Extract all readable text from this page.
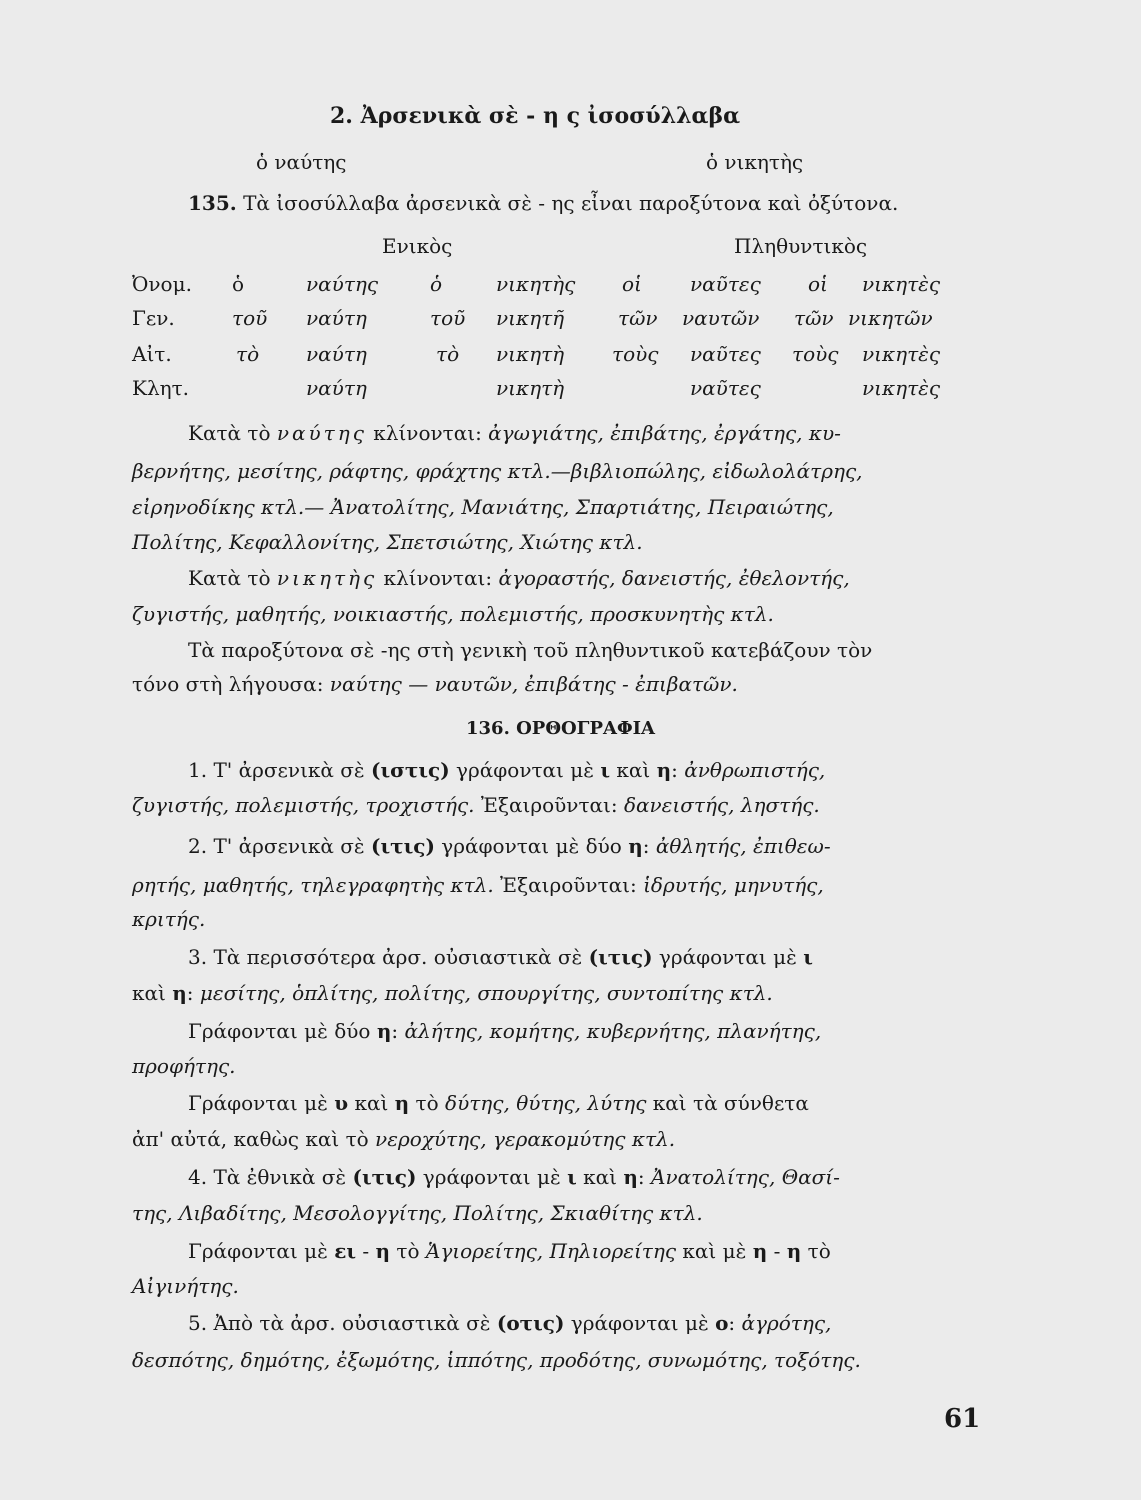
2. Ἀρσενικὰ σὲ - η ς ἰσοσύλλαβα
ὁ ναύτης	ὁ νικητὴς

135. Τὰ ἰσοσύλλαβα ἀρσενικὰ σὲ - ης εἶναι παροξύτονα καὶ ὀξύτονα.

Ενικὸς	Πληθυντικὸς
Ὀνομ. ὁ	ναύτης	ὁ	νικητὴς οἱ ναῦτες οἱ νικητὲς
Γεν.	τοῦ ναύτη	τοῦ νικητῆ	τῶν ναυτῶν τῶν νικητῶν
Αἰτ.	τὸ ναύτη	τὸ νικητὴ τοὺς ναῦτες τοὺς νικητὲς
Κλητ.	ναύτη	νικητὴ	ναῦτες	νικητὲς

Κατὰ τὸ ναύτης κλίνονται: ἀγωγιάτης, ἐπιβάτης, ἐργάτης, κυ-

βερνήτης, μεσίτης, ράφτης, φράχτης κτλ.—βιβλιοπώλης, εἰδωλολάτρης,

εἰρηνοδίκης κτλ.— Ἀνατολίτης, Μανιάτης, Σπαρτιάτης, Πειραιώτης,

Πολίτης, Κεφαλλονίτης, Σπετσιώτης, Χιώτης κτλ.

Κατὰ τὸ νικητὴς κλίνονται: ἀγοραστής, δανειστής, ἐθελοντής,

ζυγιστής, μαθητής, νοικιαστής, πολεμιστής, προσκυνητὴς κτλ.

Τὰ παροξύτονα σὲ -ης στὴ γενικὴ τοῦ πληθυντικοῦ κατεβάζουν τὸν

τόνο στὴ λήγουσα: ναύτης — ναυτῶν, ἐπιβάτης - ἐπιβατῶν.

136. ΟΡΘΟΓΡΑΦΙΑ

1. Τ' ἀρσενικὰ σὲ (ιστις) γράφονται μὲ ι καὶ η: ἀνθρωπιστής,

ζυγιστής, πολεμιστής, τροχιστής. Ἐξαιροῦνται: δανειστής, ληστής.

2. Τ' ἀρσενικὰ σὲ (ιτις) γράφονται μὲ δύο η: ἀθλητής, ἐπιθεω-

ρητής, μαθητής, τηλεγραφητὴς κτλ. Ἐξαιροῦνται: ἱδρυτής, μηνυτής,

κριτής.

3. Τὰ περισσότερα ἀρσ. οὐσιαστικὰ σὲ (ιτις) γράφονται μὲ ι

καὶ η: μεσίτης, ὁπλίτης, πολίτης, σπουργίτης, συντοπίτης κτλ.

Γράφονται μὲ δύο η: ἀλήτης, κομήτης, κυβερνήτης, πλανήτης,

προφήτης.

Γράφονται μὲ υ καὶ η τὸ δύτης, θύτης, λύτης καὶ τὰ σύνθετα

ἀπ' αὐτά, καθὼς καὶ τὸ νεροχύτης, γερακομύτης κτλ.

4. Τὰ ἐθνικὰ σὲ (ιτις) γράφονται μὲ ι καὶ η: Ἀνατολίτης, Θασί-

της, Λιβαδίτης, Μεσολογγίτης, Πολίτης, Σκιαθίτης κτλ.

Γράφονται μὲ ει - η τὸ Ἁγιορείτης, Πηλιορείτης καὶ μὲ η - η τὸ

Αἰγινήτης.

5. Ἀπὸ τὰ ἀρσ. οὐσιαστικὰ σὲ (οτις) γράφονται μὲ ο: ἀγρότης,

δεσπότης, δημότης, ἐξωμότης, ἱππότης, προδότης, συνωμότης, τοξότης.

61
